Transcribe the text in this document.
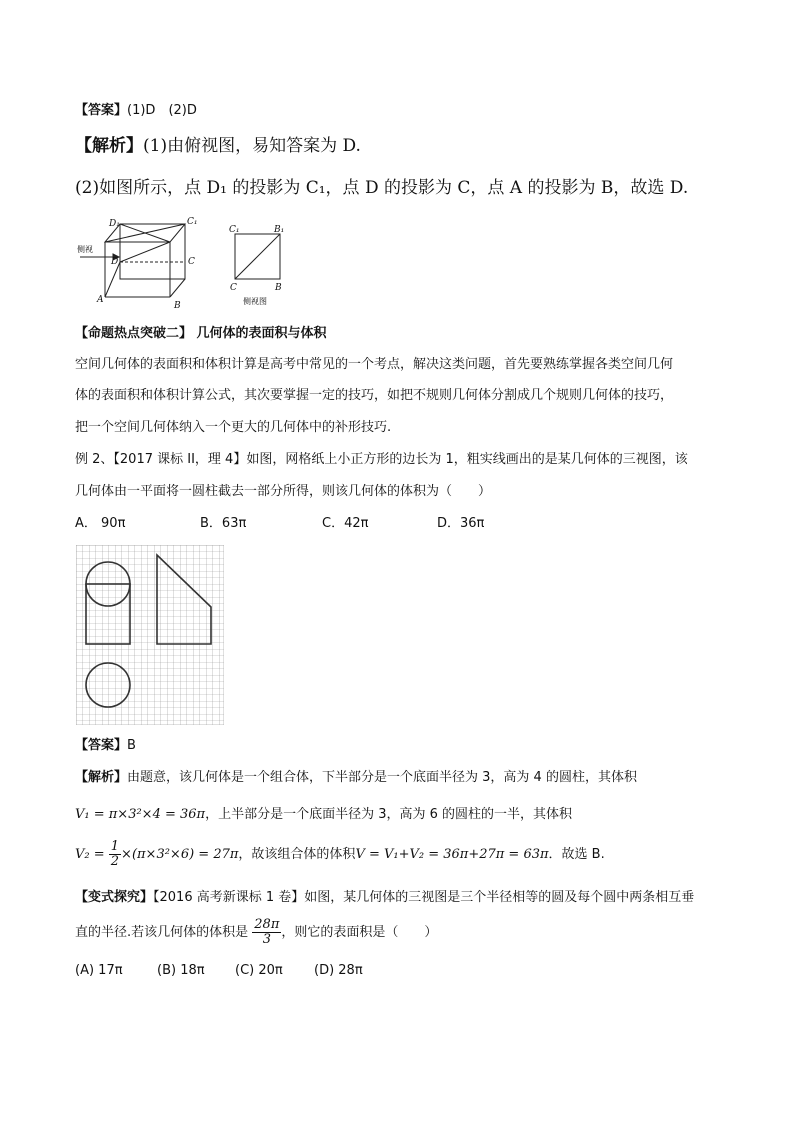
【答案】(1)D　(2)D
【解析】(1)由俯视图，易知答案为 D.
(2)如图所示，点 D₁ 的投影为 C₁，点 D 的投影为 C，点 A 的投影为 B，故选 D.
D₁	C₁
D	C
A
B
侧视
C₁	B₁
C	B
侧视图
【命题热点突破二】 几何体的表面积与体积
空间几何体的表面积和体积计算是高考中常见的一个考点，解决这类问题，首先要熟练掌握各类空间几何
体的表面积和体积计算公式，其次要掌握一定的技巧，如把不规则几何体分割成几个规则几何体的技巧，
把一个空间几何体纳入一个更大的几何体中的补形技巧.
例 2、【2017 课标 II，理 4】如图，网格纸上小正方形的边长为 1，粗实线画出的是某几何体的三视图，该
几何体由一平面将一圆柱截去一部分所得，则该几何体的体积为（　　）
A． 90π	B．63π	C．42π	D．36π
【答案】B
【解析】由题意，该几何体是一个组合体，下半部分是一个底面半径为 3，高为 4 的圆柱，其体积
V₁ = π×3²×4 = 36π，上半部分是一个底面半径为 3，高为 6 的圆柱的一半，其体积
$V_2 = \frac{1}{2} \times(\pi\times 3^2\times 6) = 27\pi$，故该组合体的体积V = V₁+V₂ = 36π+27π = 63π．故选 B.
【变式探究】【2016 高考新课标 1 卷】如图，某几何体的三视图是三个半径相等的圆及每个圆中两条相互垂
直的半径.若该几何体的体积是 $\frac{28\pi}{3}$ ，则它的表面积是（　　）
(A) 17π	(B) 18π (C) 20π (D) 28π
